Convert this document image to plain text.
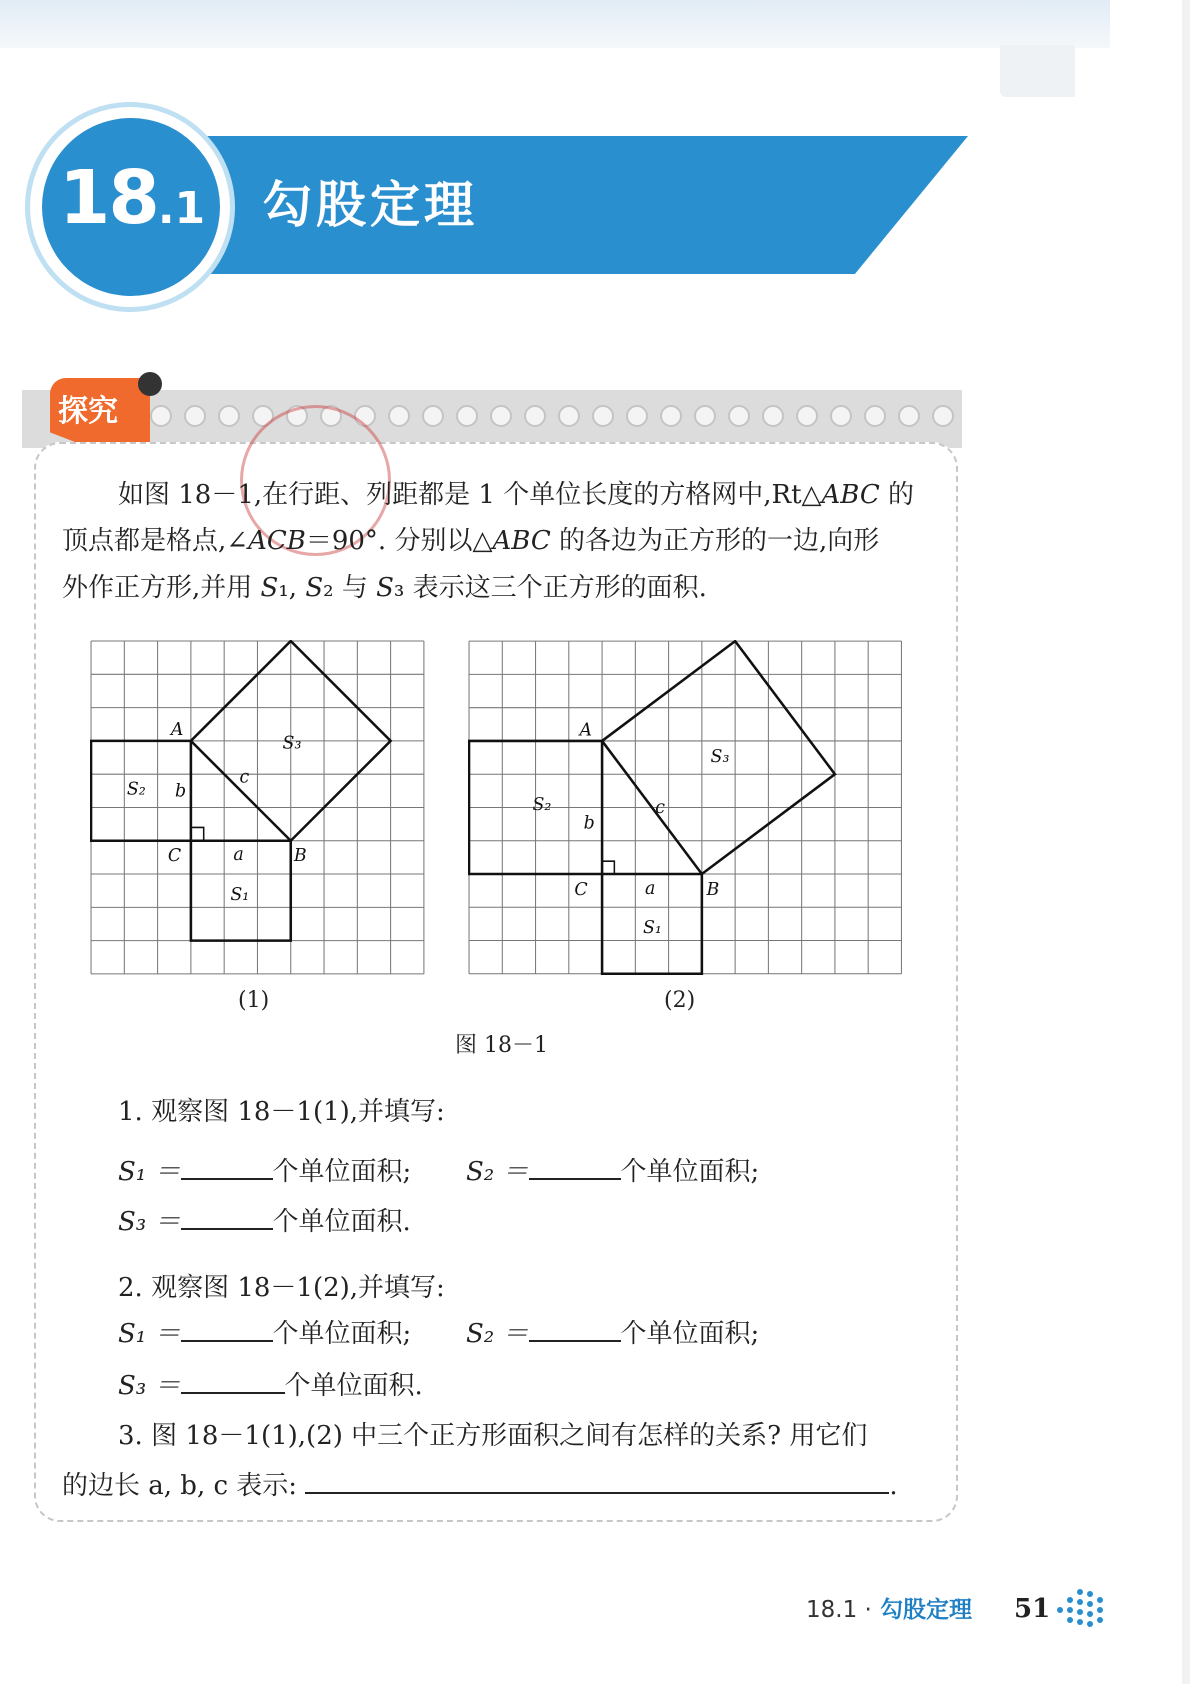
18.1 勾股定理
探究
如图 18－1,在行距、列距都是 1 个单位长度的方格网中,Rt△ABC 的
顶点都是格点,∠ACB＝90°. 分别以△ABC 的各边为正方形的一边,向形
外作正方形,并用 S₁, S₂ 与 S₃ 表示这三个正方形的面积.
A
B
C	a
b
c
S₁
S₂
S₃
A
B
C	a
b
c
S₁
S₂
S₃
(1)	(2)
图 18－1
1. 观察图 18－1(1),并填写:
S₁ ＝	个单位面积; S₂ ＝	个单位面积;
S₃ ＝	个单位面积.
2. 观察图 18－1(2),并填写:
S₁ ＝	个单位面积; S₂ ＝	个单位面积;
S₃ ＝	个单位面积.
3. 图 18－1(1),(2) 中三个正方形面积之间有怎样的关系? 用它们
的边长 a, b, c 表示:	.
18.1 · 勾股定理 51
